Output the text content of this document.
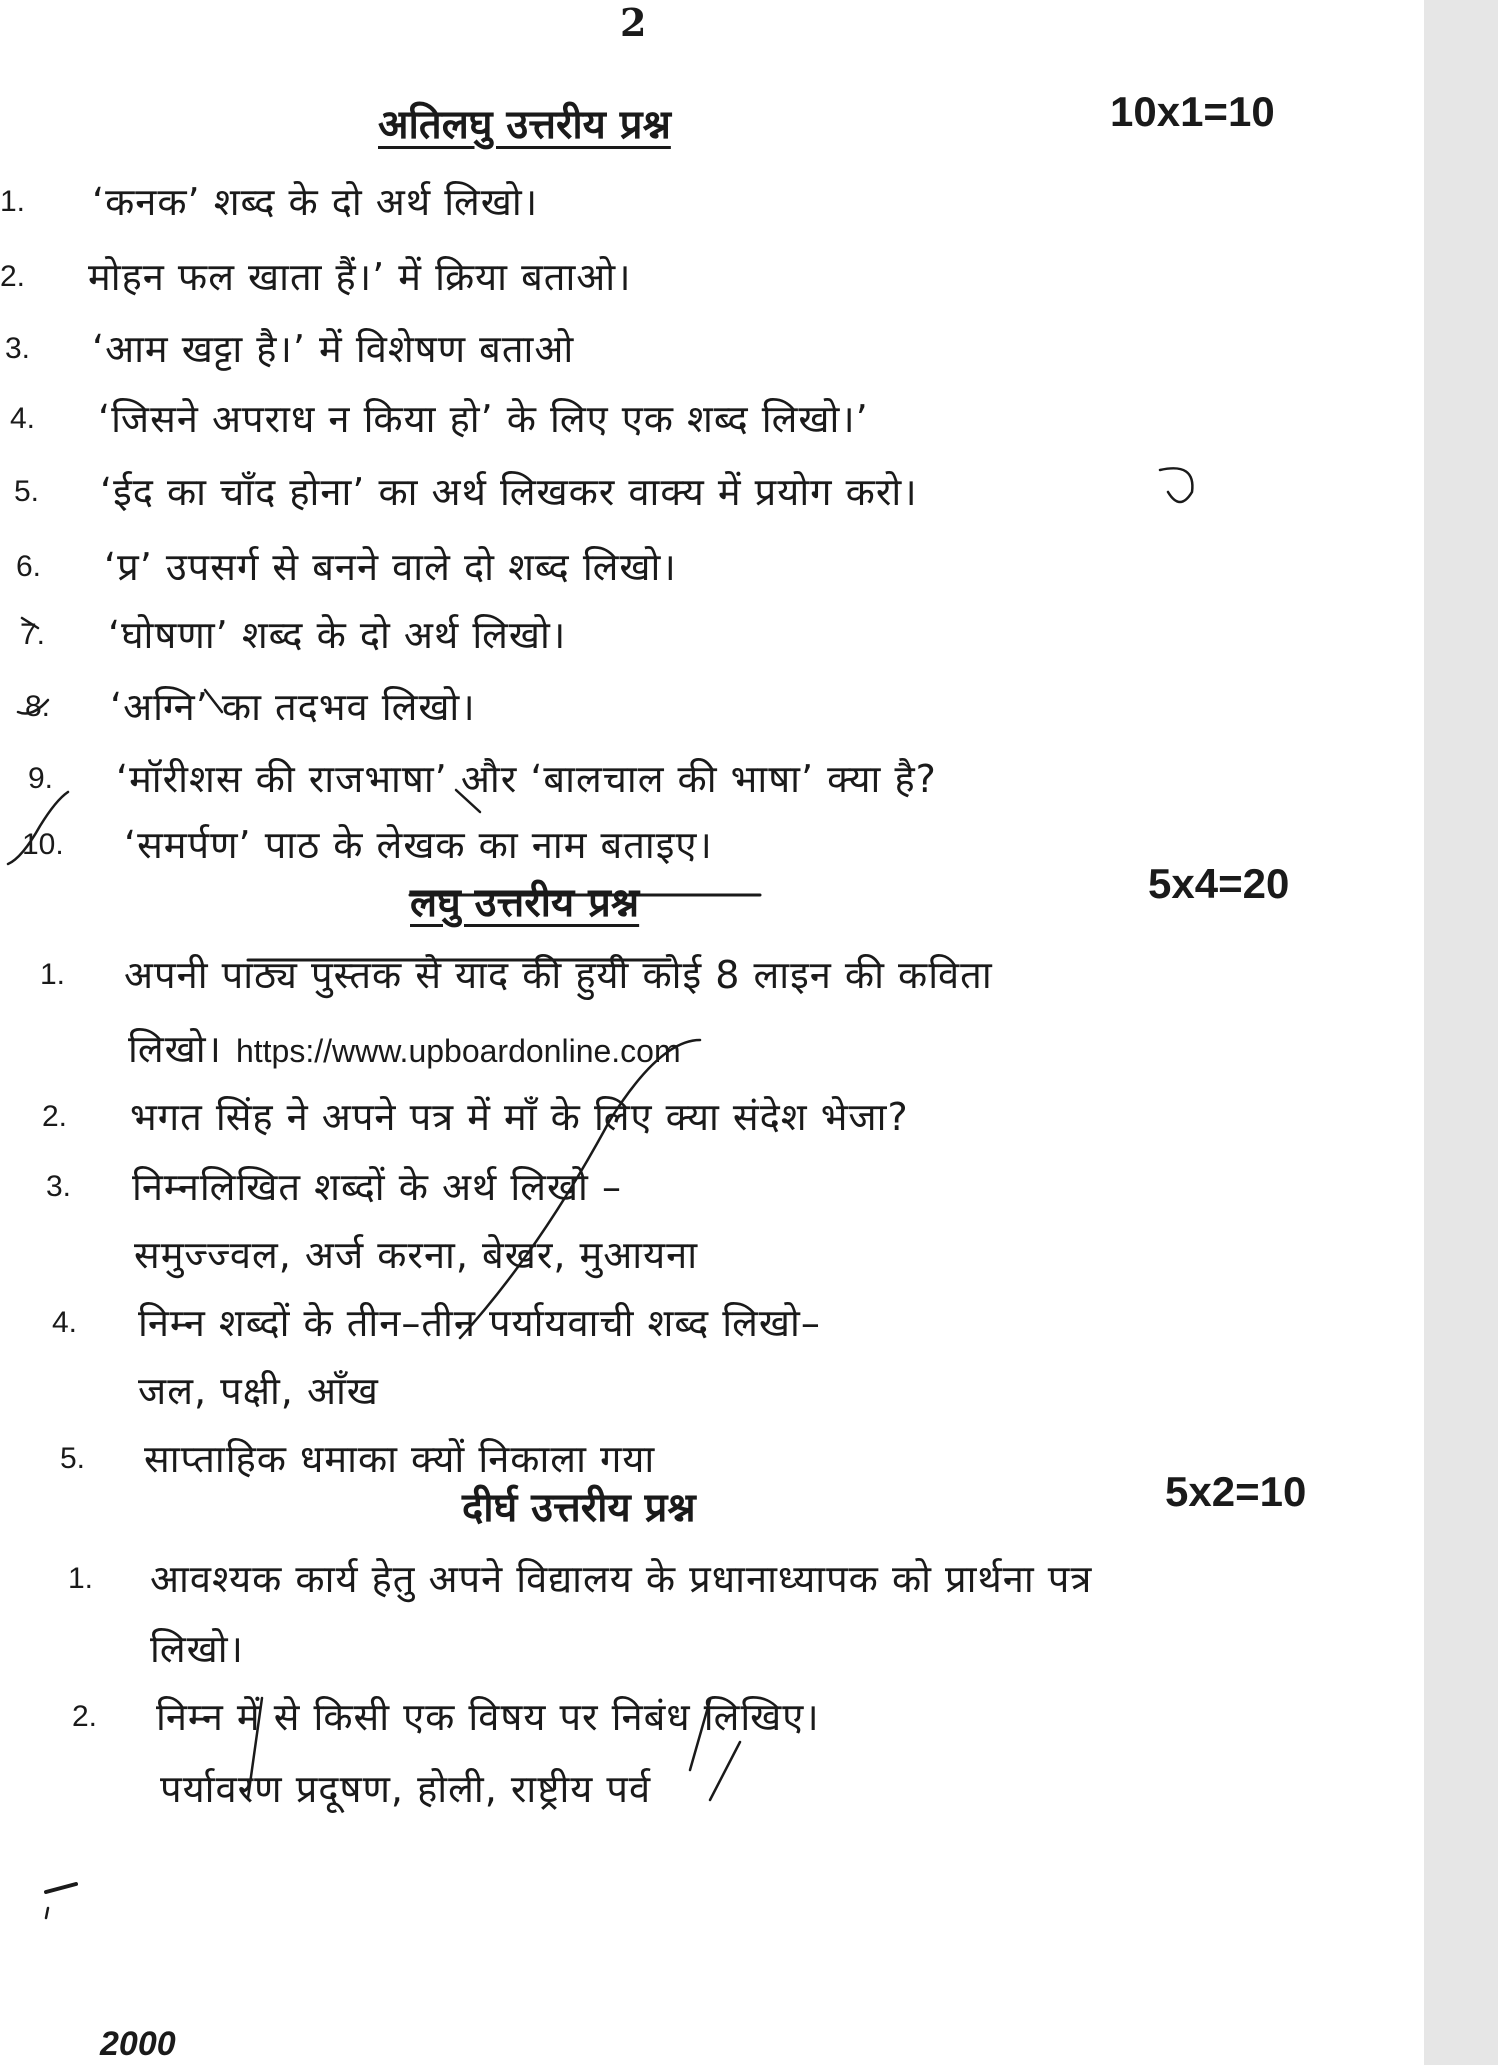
2
अतिलघु उत्तरीय प्रश्न	10x1=10
1. ‘कनक’ शब्द के दो अर्थ लिखो।
2. मोहन फल खाता हैं।’ में क्रिया बताओ।
3. ‘आम खट्टा है।’ में विशेषण बताओ
4. ‘जिसने अपराध न किया हो’ के लिए एक शब्द लिखो।’
5. ‘ईद का चाँद होना’ का अर्थ लिखकर वाक्य में प्रयोग करो।
6. ‘प्र’ उपसर्ग से बनने वाले दो शब्द लिखो।
7. ‘घोषणा’ शब्द के दो अर्थ लिखो।
8. ‘अग्नि’ का तदभव लिखो।
9. ‘मॉरीशस की राजभाषा’ और ‘बालचाल की भाषा’ क्या है?
10. ‘समर्पण’ पाठ के लेखक का नाम बताइए।
लघु उत्तरीय प्रश्न	5x4=20
1. अपनी पाठ्य पुस्तक से याद की हुयी कोई 8 लाइन की कविता
लिखो। https://www.upboardonline.com
2. भगत सिंह ने अपने पत्र में माँ के लिए क्या संदेश भेजा?
3. निम्नलिखित शब्दों के अर्थ लिखो –
समुज्ज्वल, अर्ज करना, बेखर, मुआयना
4. निम्न शब्दों के तीन–तीन पर्यायवाची शब्द लिखो–
जल, पक्षी, आँख
5. साप्ताहिक धमाका क्यों निकाला गया
दीर्घ उत्तरीय प्रश्न	5x2=10
1. आवश्यक कार्य हेतु अपने विद्यालय के प्रधानाध्यापक को प्रार्थना पत्र
लिखो।
2. निम्न में से किसी एक विषय पर निबंध लिखिए।
पर्यावरण प्रदूषण, होली, राष्ट्रीय पर्व
2000
